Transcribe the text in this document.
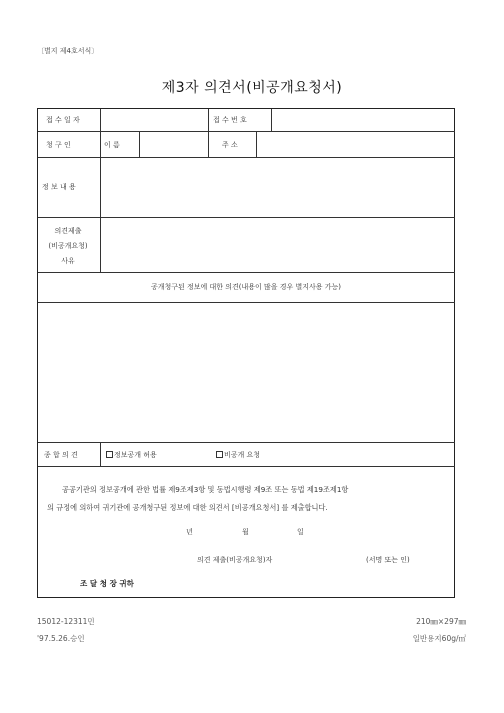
〔별지 제4호서식〕
제3자 의견서(비공개요청서)
접 수 일 자	접 수 번 호
청 구 인	이 름	주 소
정 보 내 용
의견제출
(비공개요청)
사유
공개청구된 정보에 대한 의견(내용이 많을 경우 별지사용 가능)
종 합 의 견	정보공개 허용	비공개 요청
공공기관의 정보공개에 관한 법률 제9조제3항 및 동법시행령 제9조 또는 동법 제19조제1항
의 규정에 의하여 귀기관에 공개청구된 정보에 대한 의견서 [비공개요청서] 를 제출합니다.
년	월	일
의견 제출(비공개요청)자	(서명 또는 인)
조 달 청 장 귀하
15012-12311민
'97.5.26.승인
210㎜×297㎜
일반용지60g/㎡
